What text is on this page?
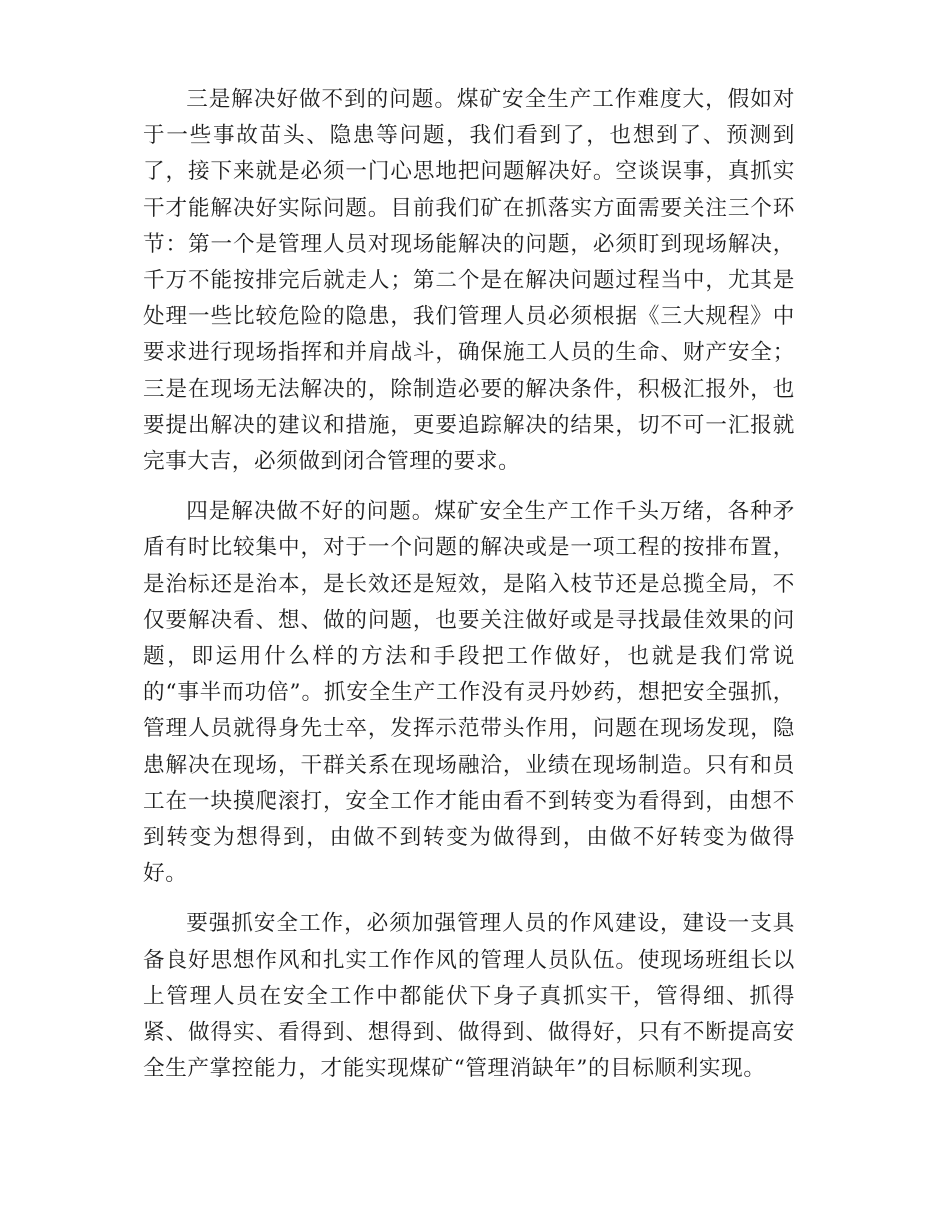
三是解决好做不到的问题。煤矿安全生产工作难度大，假如对于一些事故苗头、隐患等问题，我们看到了，也想到了、预测到了，接下来就是必须一门心思地把问题解决好。空谈误事，真抓实干才能解决好实际问题。目前我们矿在抓落实方面需要关注三个环节：第一个是管理人员对现场能解决的问题，必须盯到现场解决，千万不能按排完后就走人；第二个是在解决问题过程当中，尤其是处理一些比较危险的隐患，我们管理人员必须根据《三大规程》中要求进行现场指挥和并肩战斗，确保施工人员的生命、财产安全；三是在现场无法解决的，除制造必要的解决条件，积极汇报外，也要提出解决的建议和措施，更要追踪解决的结果，切不可一汇报就完事大吉，必须做到闭合管理的要求。

四是解决做不好的问题。煤矿安全生产工作千头万绪，各种矛盾有时比较集中，对于一个问题的解决或是一项工程的按排布置，是治标还是治本，是长效还是短效，是陷入枝节还是总揽全局，不仅要解决看、想、做的问题，也要关注做好或是寻找最佳效果的问题，即运用什么样的方法和手段把工作做好，也就是我们常说的“事半而功倍”。抓安全生产工作没有灵丹妙药，想把安全强抓，管理人员就得身先士卒，发挥示范带头作用，问题在现场发现，隐患解决在现场，干群关系在现场融洽，业绩在现场制造。只有和员工在一块摸爬滚打，安全工作才能由看不到转变为看得到，由想不到转变为想得到，由做不到转变为做得到，由做不好转变为做得好。

要强抓安全工作，必须加强管理人员的作风建设，建设一支具备良好思想作风和扎实工作作风的管理人员队伍。使现场班组长以上管理人员在安全工作中都能伏下身子真抓实干，管得细、抓得紧、做得实、看得到、想得到、做得到、做得好，只有不断提高安全生产掌控能力，才能实现煤矿“管理消缺年”的目标顺利实现。
